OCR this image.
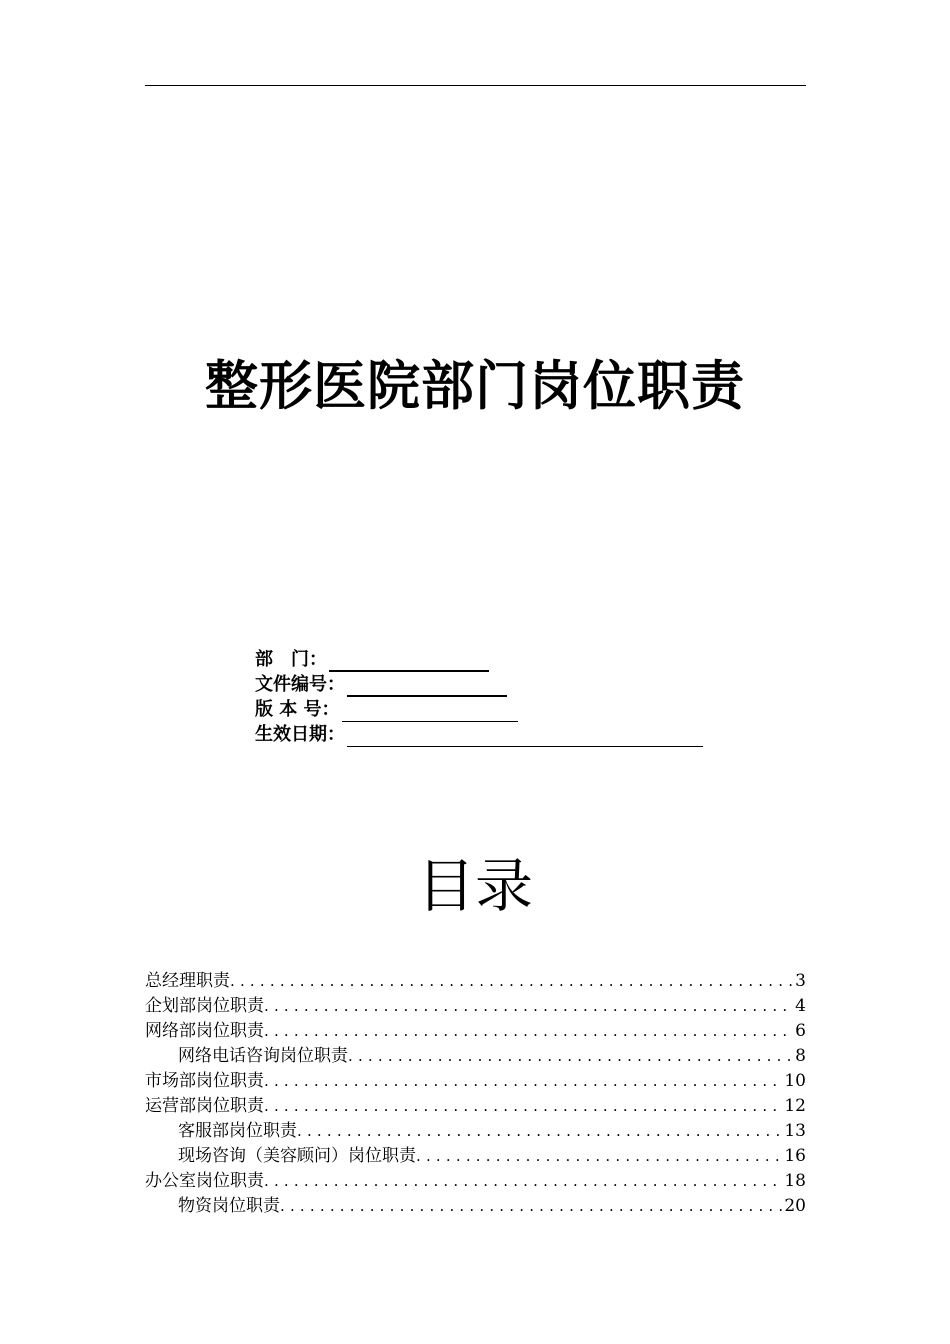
整形医院部门岗位职责
部　门：
文件编号：
版 本 号：
生效日期：
目录
总经理职责 .....	3
企划部岗位职责 .....	4
网络部岗位职责 .....	6
网络电话咨询岗位职责 .....	8
市场部岗位职责 .....	10
运营部岗位职责 .....	12
客服部岗位职责 .....	13
现场咨询（美容顾问）岗位职责 .....	16
办公室岗位职责 .....	18
物资岗位职责 .....	20
